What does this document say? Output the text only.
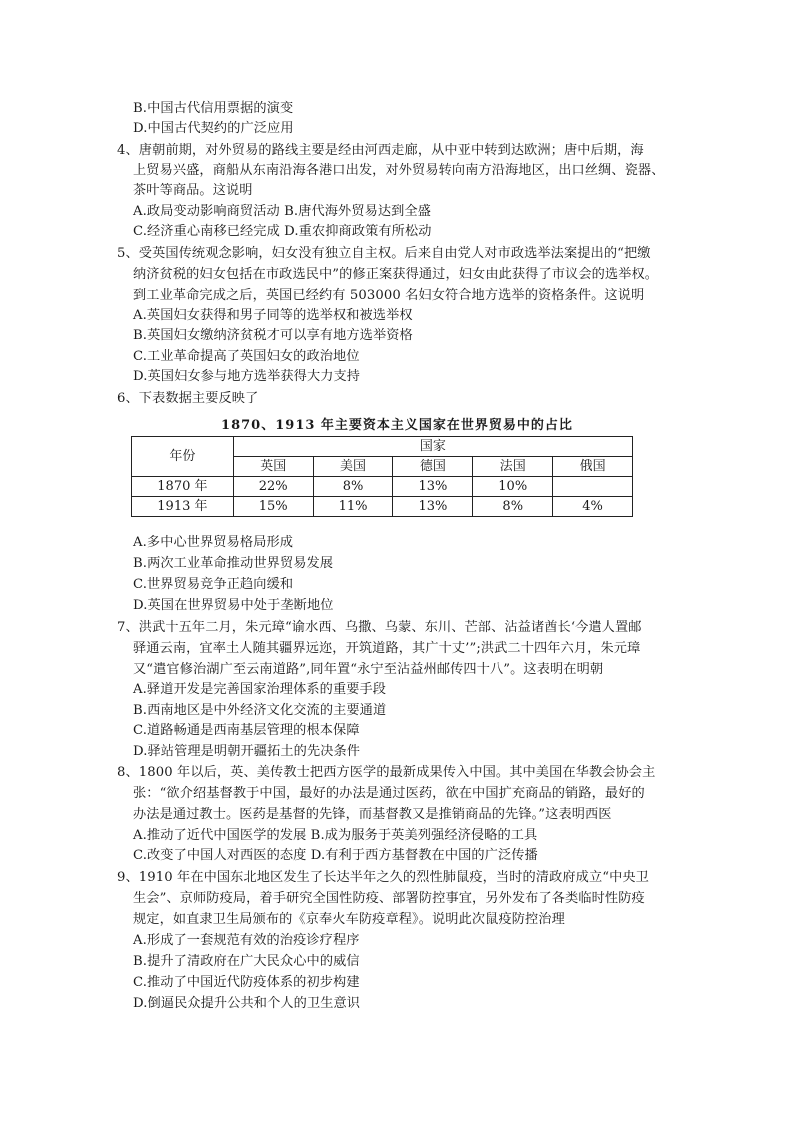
B.中国古代信用票据的演变
D.中国古代契约的广泛应用
4、唐朝前期，对外贸易的路线主要是经由河西走廊，从中亚中转到达欧洲；唐中后期，海
上贸易兴盛，商船从东南沿海各港口出发，对外贸易转向南方沿海地区，出口丝绸、瓷器、
茶叶等商品。这说明
A.政局变动影响商贸活动 B.唐代海外贸易达到全盛
C.经济重心南移已经完成 D.重农抑商政策有所松动
5、受英国传统观念影响，妇女没有独立自主权。后来自由党人对市政选举法案提出的“把缴
纳济贫税的妇女包括在市政选民中”的修正案获得通过，妇女由此获得了市议会的选举权。
到工业革命完成之后，英国已经约有 503000 名妇女符合地方选举的资格条件。这说明
A.英国妇女获得和男子同等的选举权和被选举权
B.英国妇女缴纳济贫税才可以享有地方选举资格
C.工业革命提高了英国妇女的政治地位
D.英国妇女参与地方选举获得大力支持
6、下表数据主要反映了
A.多中心世界贸易格局形成
B.两次工业革命推动世界贸易发展
C.世界贸易竞争正趋向缓和
D.英国在世界贸易中处于垄断地位
7、洪武十五年二月，朱元璋“谕水西、乌撒、乌蒙、东川、芒部、沾益诸酋长‘今遣人置邮
驿通云南，宜率土人随其疆界远迩，开筑道路，其广十丈’”;洪武二十四年六月，朱元璋
又“遣官修治湖广至云南道路”,同年置“永宁至沾益州邮传四十八”。这表明在明朝
A.驿道开发是完善国家治理体系的重要手段
B.西南地区是中外经济文化交流的主要通道
C.道路畅通是西南基层管理的根本保障
D.驿站管理是明朝开疆拓土的先决条件
8、1800 年以后，英、美传教士把西方医学的最新成果传入中国。其中美国在华教会协会主
张：“欲介绍基督教于中国，最好的办法是通过医药，欲在中国扩充商品的销路，最好的
办法是通过教士。医药是基督的先锋，而基督教又是推销商品的先锋。”这表明西医
A.推动了近代中国医学的发展 B.成为服务于英美列强经济侵略的工具
C.改变了中国人对西医的态度 D.有利于西方基督教在中国的广泛传播
9、1910 年在中国东北地区发生了长达半年之久的烈性肺鼠疫，当时的清政府成立“中央卫
生会”、京师防疫局，着手研究全国性防疫、部署防控事宜，另外发布了各类临时性防疫
规定，如直隶卫生局颁布的《京奉火车防疫章程》。说明此次鼠疫防控治理
A.形成了一套规范有效的治疫诊疗程序
B.提升了清政府在广大民众心中的威信
C.推动了中国近代防疫体系的初步构建
D.倒逼民众提升公共和个人的卫生意识
1870、1913 年主要资本主义国家在世界贸易中的占比
年份	国家				
	英国	美国	德国	法国	俄国
1870 年	22%	8%	13%	10%	
1913 年	15%	11%	13%	8%	4%
